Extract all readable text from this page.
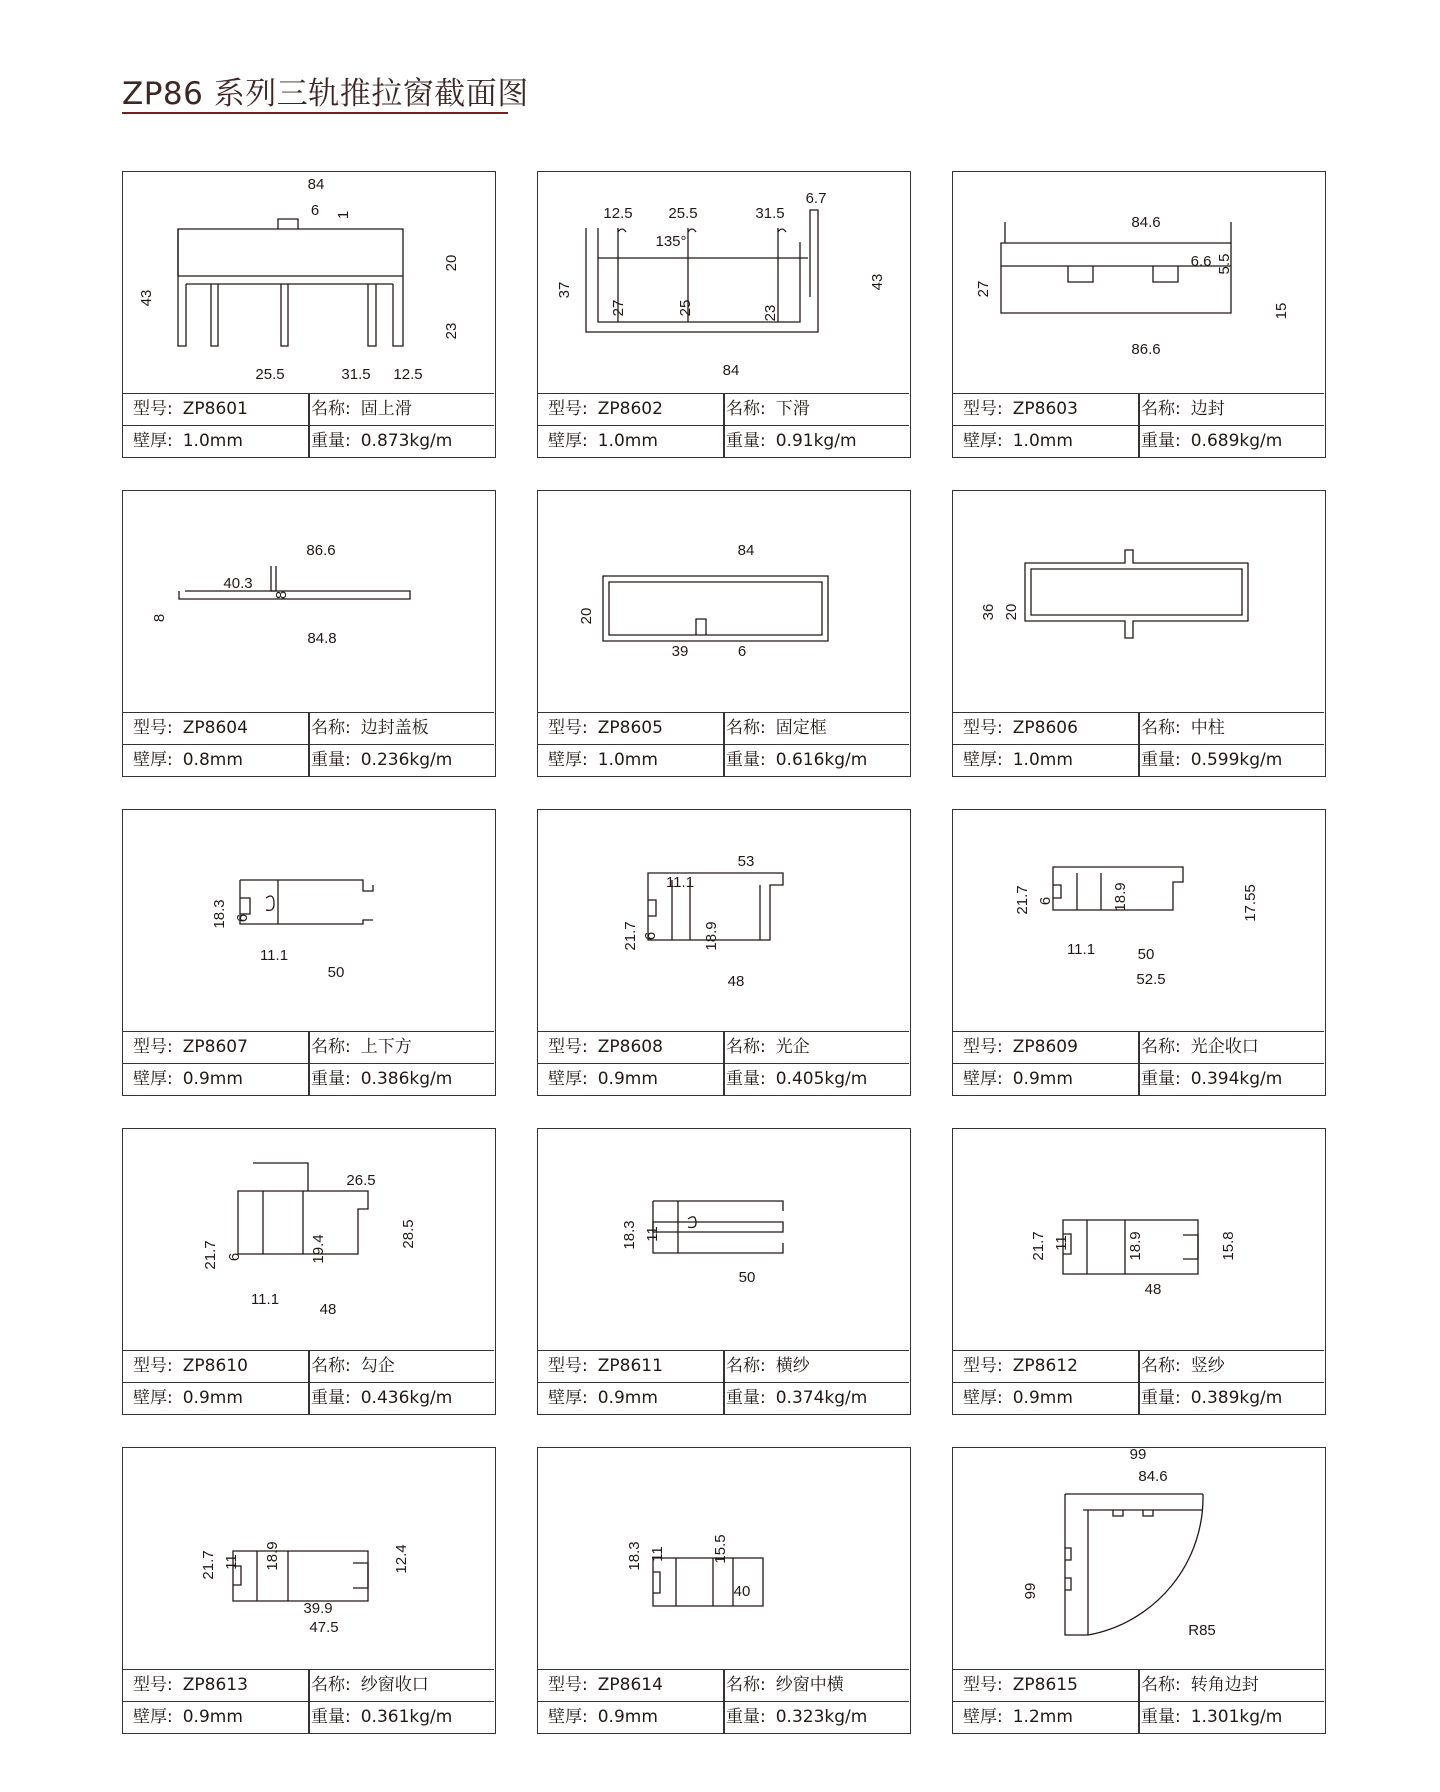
ZP86 系列三轨推拉窗截面图
84
6 1
43
20
23
25.5	31.5 12.5
型号: ZP8601	名称: 固上滑
壁厚: 1.0mm	重量: 0.873kg/m
12.5 25.5	31.5
6.7
135°
37
27	25	23
43
84
型号: ZP8602	名称: 下滑
壁厚: 1.0mm	重量: 0.91kg/m
84.6
6.6 5.5
27
15
86.6
型号: ZP8603	名称: 边封
壁厚: 1.0mm	重量: 0.689kg/m
86.6
40.3
8
8
84.8
型号: ZP8604	名称: 边封盖板
壁厚: 0.8mm	重量: 0.236kg/m
84
20
39	6
型号: ZP8605	名称: 固定框
壁厚: 1.0mm	重量: 0.616kg/m
36 20
型号: ZP8606	名称: 中柱
壁厚: 1.0mm	重量: 0.599kg/m
18.3 6
11.1
50
型号: ZP8607	名称: 上下方
壁厚: 0.9mm	重量: 0.386kg/m
53
11.1
21.7 6	18.9
48
型号: ZP8608	名称: 光企
壁厚: 0.9mm	重量: 0.405kg/m
21.7 6	18.9	17.55
11.1	50
52.5
型号: ZP8609	名称: 光企收口
壁厚: 0.9mm	重量: 0.394kg/m
26.5
21.7 6	19.4
28.5
11.1
48
型号: ZP8610	名称: 勾企
壁厚: 0.9mm	重量: 0.436kg/m
18.3 11
50
型号: ZP8611	名称: 横纱
壁厚: 0.9mm	重量: 0.374kg/m
21.7 11	18.9	15.8
48
型号: ZP8612	名称: 竖纱
壁厚: 0.9mm	重量: 0.389kg/m
21.7 11 18.9	12.4
39.9
47.5
型号: ZP8613	名称: 纱窗收口
壁厚: 0.9mm	重量: 0.361kg/m
18.3 11	15.5
40
型号: ZP8614	名称: 纱窗中横
壁厚: 0.9mm	重量: 0.323kg/m
99
84.6
99
R85
型号: ZP8615	名称: 转角边封
壁厚: 1.2mm	重量: 1.301kg/m
